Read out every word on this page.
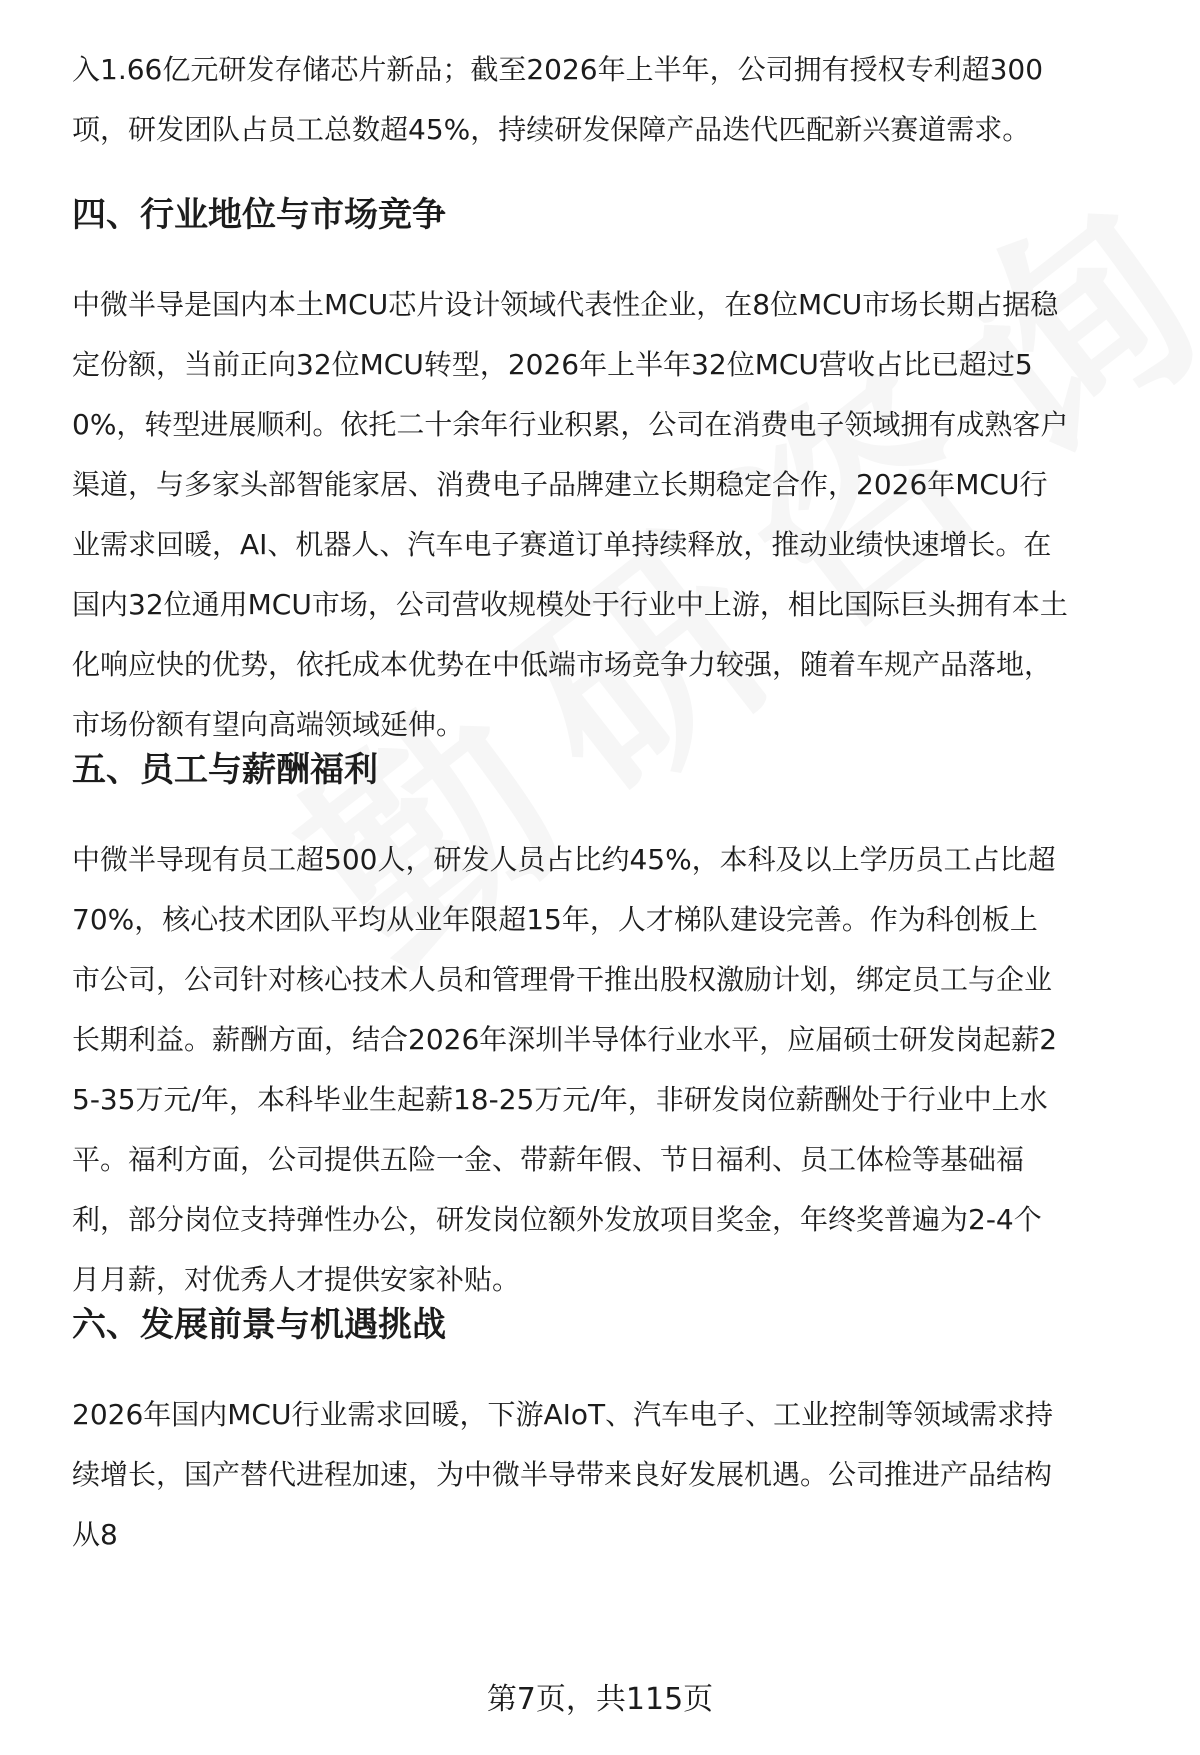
入1.66亿元研发存储芯片新品；截至2026年上半年，公司拥有授权专利超300项，研发团队占员工总数超45%，持续研发保障产品迭代匹配新兴赛道需求。

四、行业地位与市场竞争

中微半导是国内本土MCU芯片设计领域代表性企业，在8位MCU市场长期占据稳定份额，当前正向32位MCU转型，2026年上半年32位MCU营收占比已超过50%，转型进展顺利。依托二十余年行业积累，公司在消费电子领域拥有成熟客户渠道，与多家头部智能家居、消费电子品牌建立长期稳定合作，2026年MCU行业需求回暖，AI、机器人、汽车电子赛道订单持续释放，推动业绩快速增长。在国内32位通用MCU市场，公司营收规模处于行业中上游，相比国际巨头拥有本土化响应快的优势，依托成本优势在中低端市场竞争力较强，随着车规产品落地，市场份额有望向高端领域延伸。

五、员工与薪酬福利

中微半导现有员工超500人，研发人员占比约45%，本科及以上学历员工占比超70%，核心技术团队平均从业年限超15年，人才梯队建设完善。作为科创板上市公司，公司针对核心技术人员和管理骨干推出股权激励计划，绑定员工与企业长期利益。薪酬方面，结合2026年深圳半导体行业水平，应届硕士研发岗起薪25-35万元/年，本科毕业生起薪18-25万元/年，非研发岗位薪酬处于行业中上水平。福利方面，公司提供五险一金、带薪年假、节日福利、员工体检等基础福利，部分岗位支持弹性办公，研发岗位额外发放项目奖金，年终奖普遍为2-4个月月薪，对优秀人才提供安家补贴。

六、发展前景与机遇挑战

2026年国内MCU行业需求回暖，下游AIoT、汽车电子、工业控制等领域需求持续增长，国产替代进程加速，为中微半导带来良好发展机遇。公司推进产品结构从8

第7页，共115页
